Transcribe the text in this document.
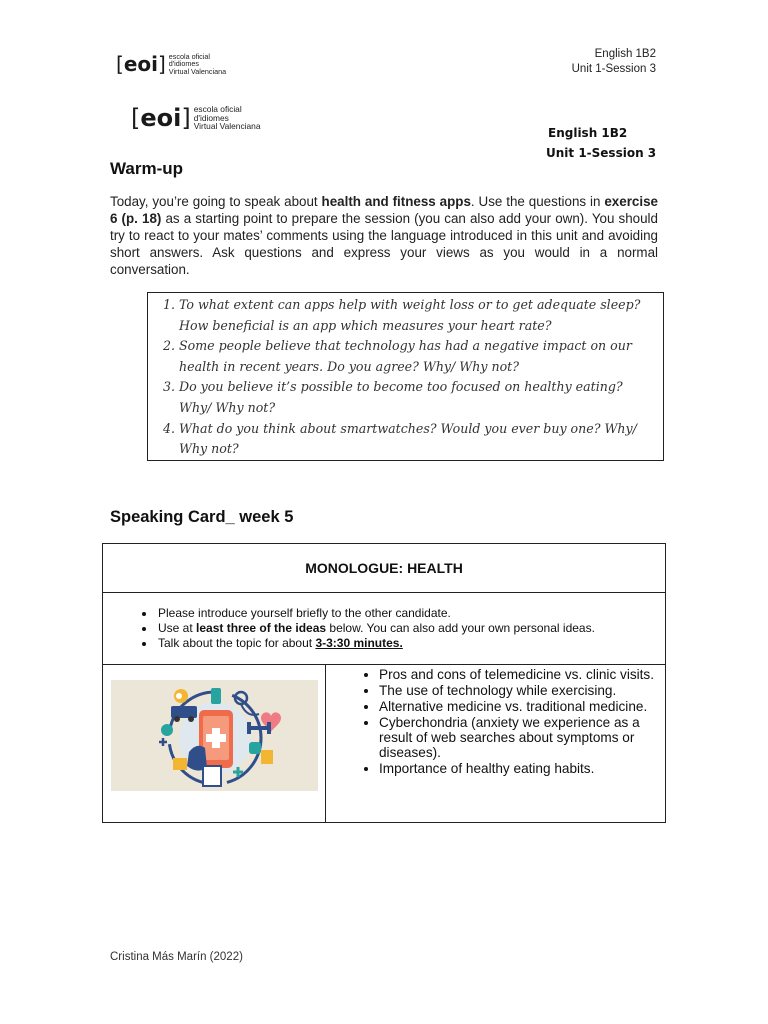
[eoi] escola oficial
d'idiomes
Virtual Valenciana
English 1B2
Unit 1-Session 3
[eoi] escola oficial
d'idiomes
Virtual Valenciana	English 1B2
Unit 1-Session 3
Warm-up
Today, you’re going to speak about health and fitness apps. Use the questions in exercise 6 (p. 18) as a starting point to prepare the session (you can also add your own). You should try to react to your mates’ comments using the language introduced in this unit and avoiding short answers. Ask questions and express your views as you would in a normal conversation.
1. To what extent can apps help with weight loss or to get adequate sleep? How beneficial is an app which measures your heart rate?
2. Some people believe that technology has had a negative impact on our health in recent years. Do you agree? Why/ Why not?
3. Do you believe it’s possible to become too focused on healthy eating? Why/ Why not?
4. What do you think about smartwatches? Would you ever buy one? Why/ Why not?
Speaking Card_ week 5
MONOLOGUE: HEALTH
• Please introduce yourself briefly to the other candidate.
• Use at least three of the ideas below. You can also add your own personal ideas.
• Talk about the topic for about 3-3:30 minutes.
• Pros and cons of telemedicine vs. clinic visits.
• The use of technology while exercising.
• Alternative medicine vs. traditional medicine.
• Cyberchondria (anxiety we experience as a result of web searches about symptoms or diseases).
• Importance of healthy eating habits.
Cristina Más Marín (2022)
